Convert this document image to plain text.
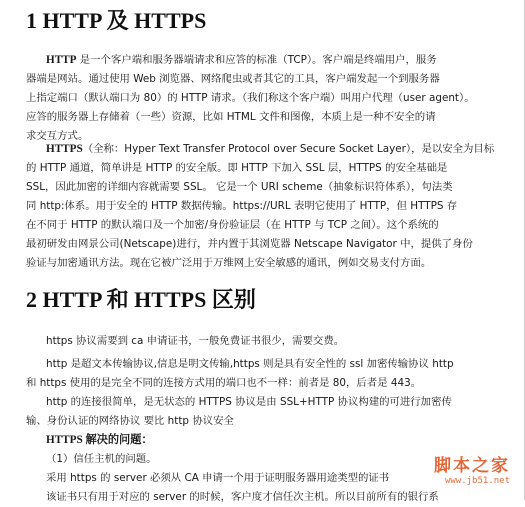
1 HTTP 及 HTTPS
HTTP 是一个客户端和服务器端请求和应答的标准（TCP）。客户端是终端用户，服务
器端是网站。通过使用 Web 浏览器、网络爬虫或者其它的工具，客户端发起一个到服务器
上指定端口（默认端口为 80）的 HTTP 请求。（我们称这个客户端）叫用户代理（user agent）。
应答的服务器上存储着（一些）资源，比如 HTML 文件和图像，本质上是一种不安全的请
求交互方式。
HTTPS（全称：Hyper Text Transfer Protocol over Secure Socket Layer），是以安全为目标
的 HTTP 通道，简单讲是 HTTP 的安全版。即 HTTP 下加入 SSL 层，HTTPS 的安全基础是
SSL，因此加密的详细内容就需要 SSL。 它是一个 URI scheme（抽象标识符体系），句法类
同 http:体系。用于安全的 HTTP 数据传输。https://URL 表明它使用了 HTTP，但 HTTPS 存
在不同于 HTTP 的默认端口及一个加密/身份验证层（在 HTTP 与 TCP 之间）。这个系统的
最初研发由网景公司(Netscape)进行，并内置于其浏览器 Netscape Navigator 中，提供了身份
验证与加密通讯方法。现在它被广泛用于万维网上安全敏感的通讯，例如交易支付方面。
2 HTTP 和 HTTPS 区别
https 协议需要到 ca 申请证书，一般免费证书很少，需要交费。
http 是超文本传输协议,信息是明文传输,https 则是具有安全性的 ssl 加密传输协议 http
和 https 使用的是完全不同的连接方式用的端口也不一样：前者是 80，后者是 443。
http 的连接很简单，是无状态的 HTTPS 协议是由 SSL+HTTP 协议构建的可进行加密传
输、身份认证的网络协议 要比 http 协议安全
HTTPS 解决的问题：
（1）信任主机的问题。
采用 https 的 server 必须从 CA 申请一个用于证明服务器用途类型的证书
该证书只有用于对应的 server 的时候，客户度才信任次主机。所以目前所有的银行系
脚本之家
www.jb51.net
